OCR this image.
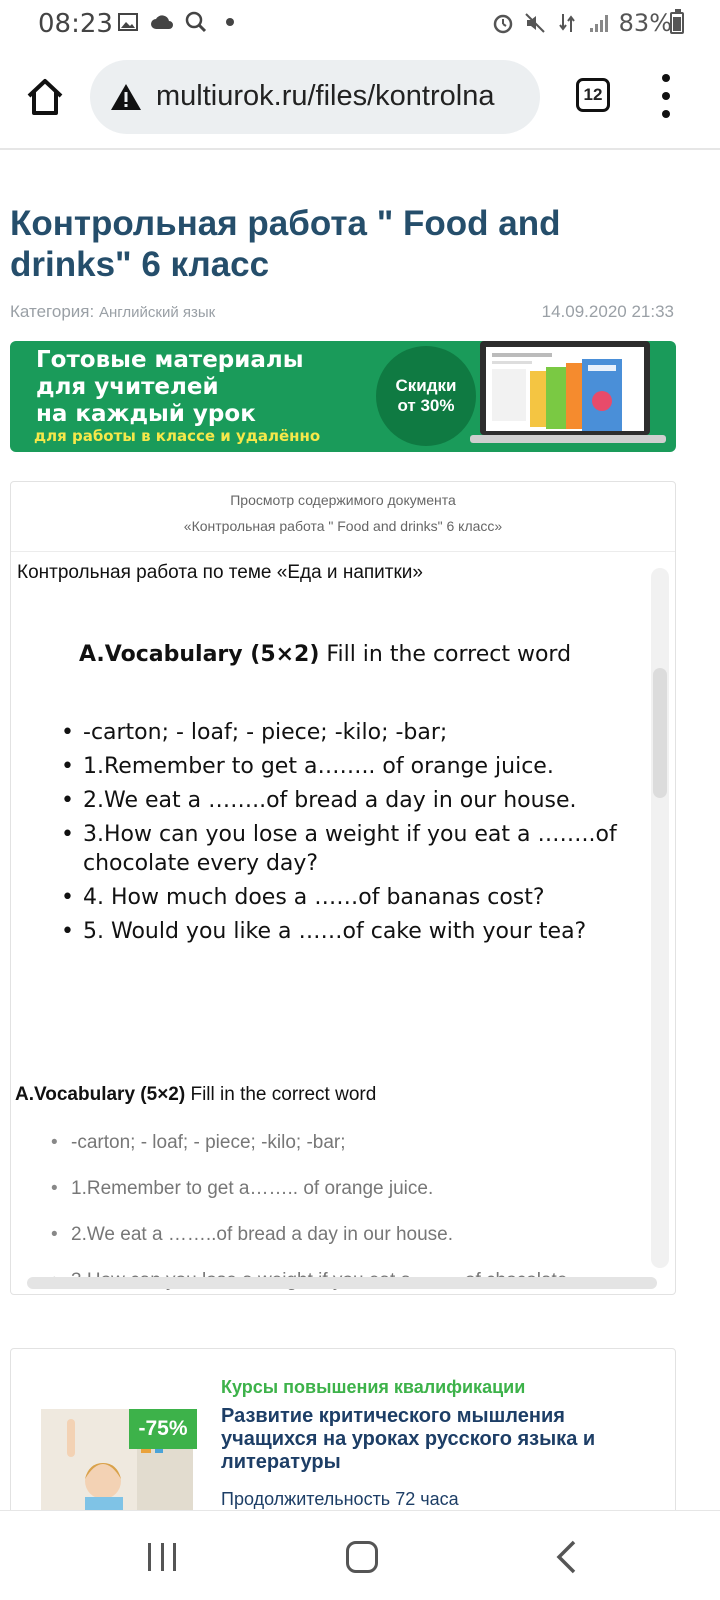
08:23	83%
multiurok.ru/files/kontrolna	12
Контрольная работа " Food and drinks" 6 класс
Категория: Английский язык	14.09.2020 21:33
Готовые материалы
для учителей
на каждый урок
для работы в классе и удалённо
Скидки
от 30%
Просмотр содержимого документа
«Контрольная работа " Food and drinks" 6 класс»
Контрольная работа по теме «Еда и напитки»
A.Vocabulary (5×2) Fill in the correct word
• -carton; - loaf; - piece; -kilo; -bar;
• 1.Remember to get a…….. of orange juice.
• 2.We eat a ……..of bread a day in our house.
• 3.How can you lose a weight if you eat a ……..of chocolate every day?
• 4. How much does a ……of bananas cost?
• 5. Would you like a ……of cake with your tea?
A.Vocabulary (5×2) Fill in the correct word
• -carton; - loaf; - piece; -kilo; -bar;
• 1.Remember to get a…….. of orange juice.
• 2.We eat a ……..of bread a day in our house.
•
-75%
Курсы повышения квалификации
Развитие критического мышления учащихся на уроках русского языка и литературы
Продолжительность 72 часа
